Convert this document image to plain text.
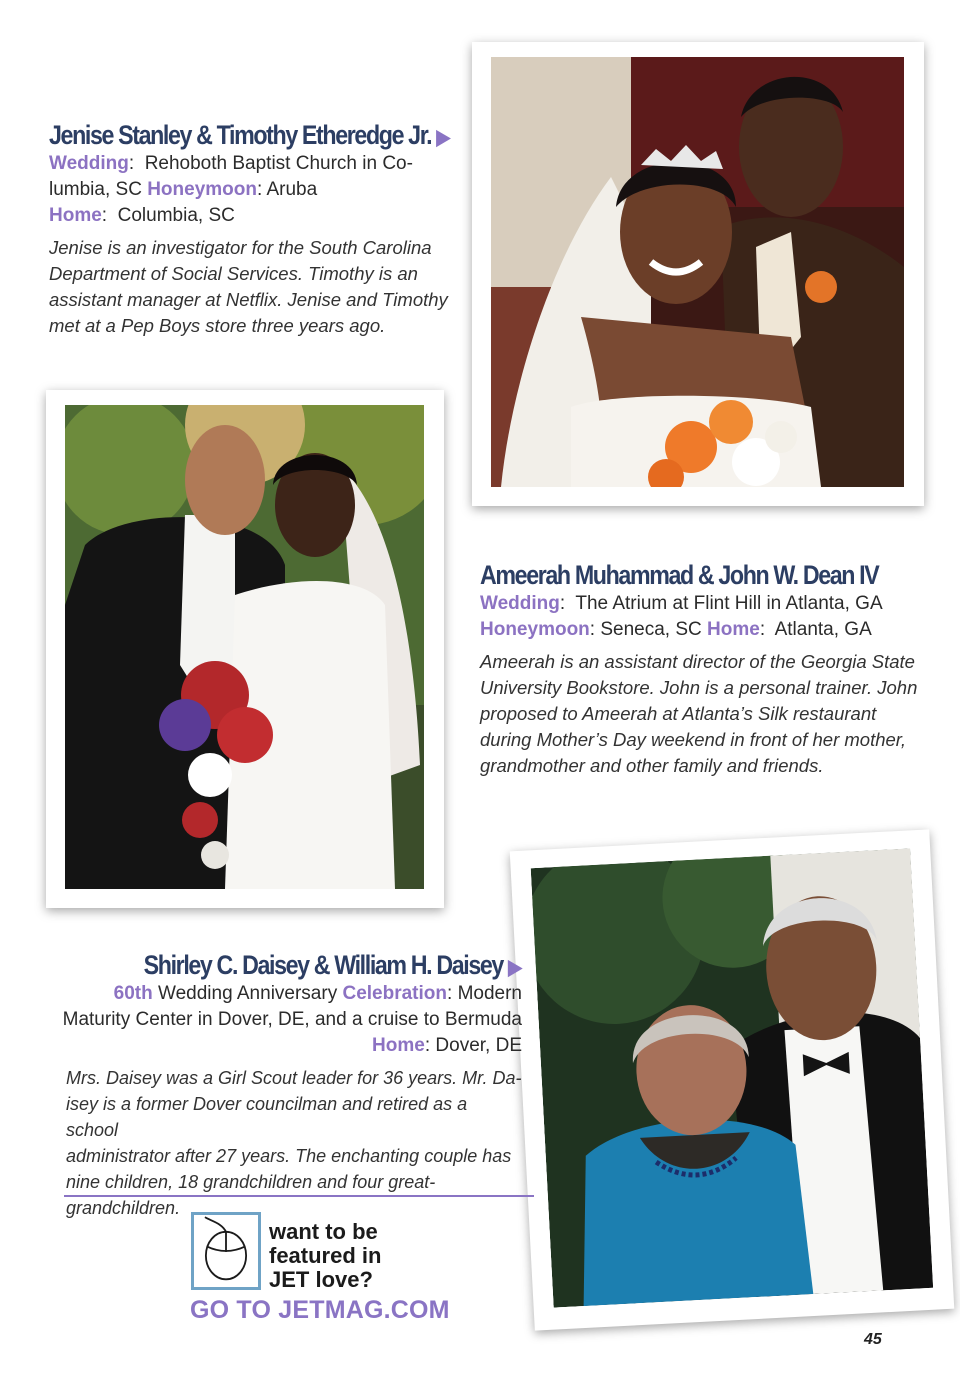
Jenise Stanley & Timothy Etheredge Jr. ▶

Wedding:  Rehoboth Baptist Church in Co-
lumbia, SC Honeymoon: Aruba
Home:  Columbia, SC
Jenise is an investigator for the South Carolina
Department of Social Services. Timothy is an
assistant manager at Netflix. Jenise and Timothy
met at a Pep Boys store three years ago.

Ameerah Muhammad & John W. Dean IV

Wedding:  The Atrium at Flint Hill in Atlanta, GA
Honeymoon: Seneca, SC Home:  Atlanta, GA
Ameerah is an assistant director of the Georgia State
University Bookstore. John is a personal trainer. John
proposed to Ameerah at Atlanta’s Silk restaurant
during Mother’s Day weekend in front of her mother,
grandmother and other family and friends.

Shirley C. Daisey & William H. Daisey ▶

60th Wedding Anniversary Celebration: Modern
Maturity Center in Dover, DE, and a cruise to Bermuda
Home: Dover, DE
Mrs. Daisey was a Girl Scout leader for 36 years. Mr. Da-
isey is a former Dover councilman and retired as a school
administrator after 27 years. The enchanting couple has
nine children, 18 grandchildren and four great-grandchildren.

want to be
featured in
JET love?

GO TO JETMAG.COM
45
